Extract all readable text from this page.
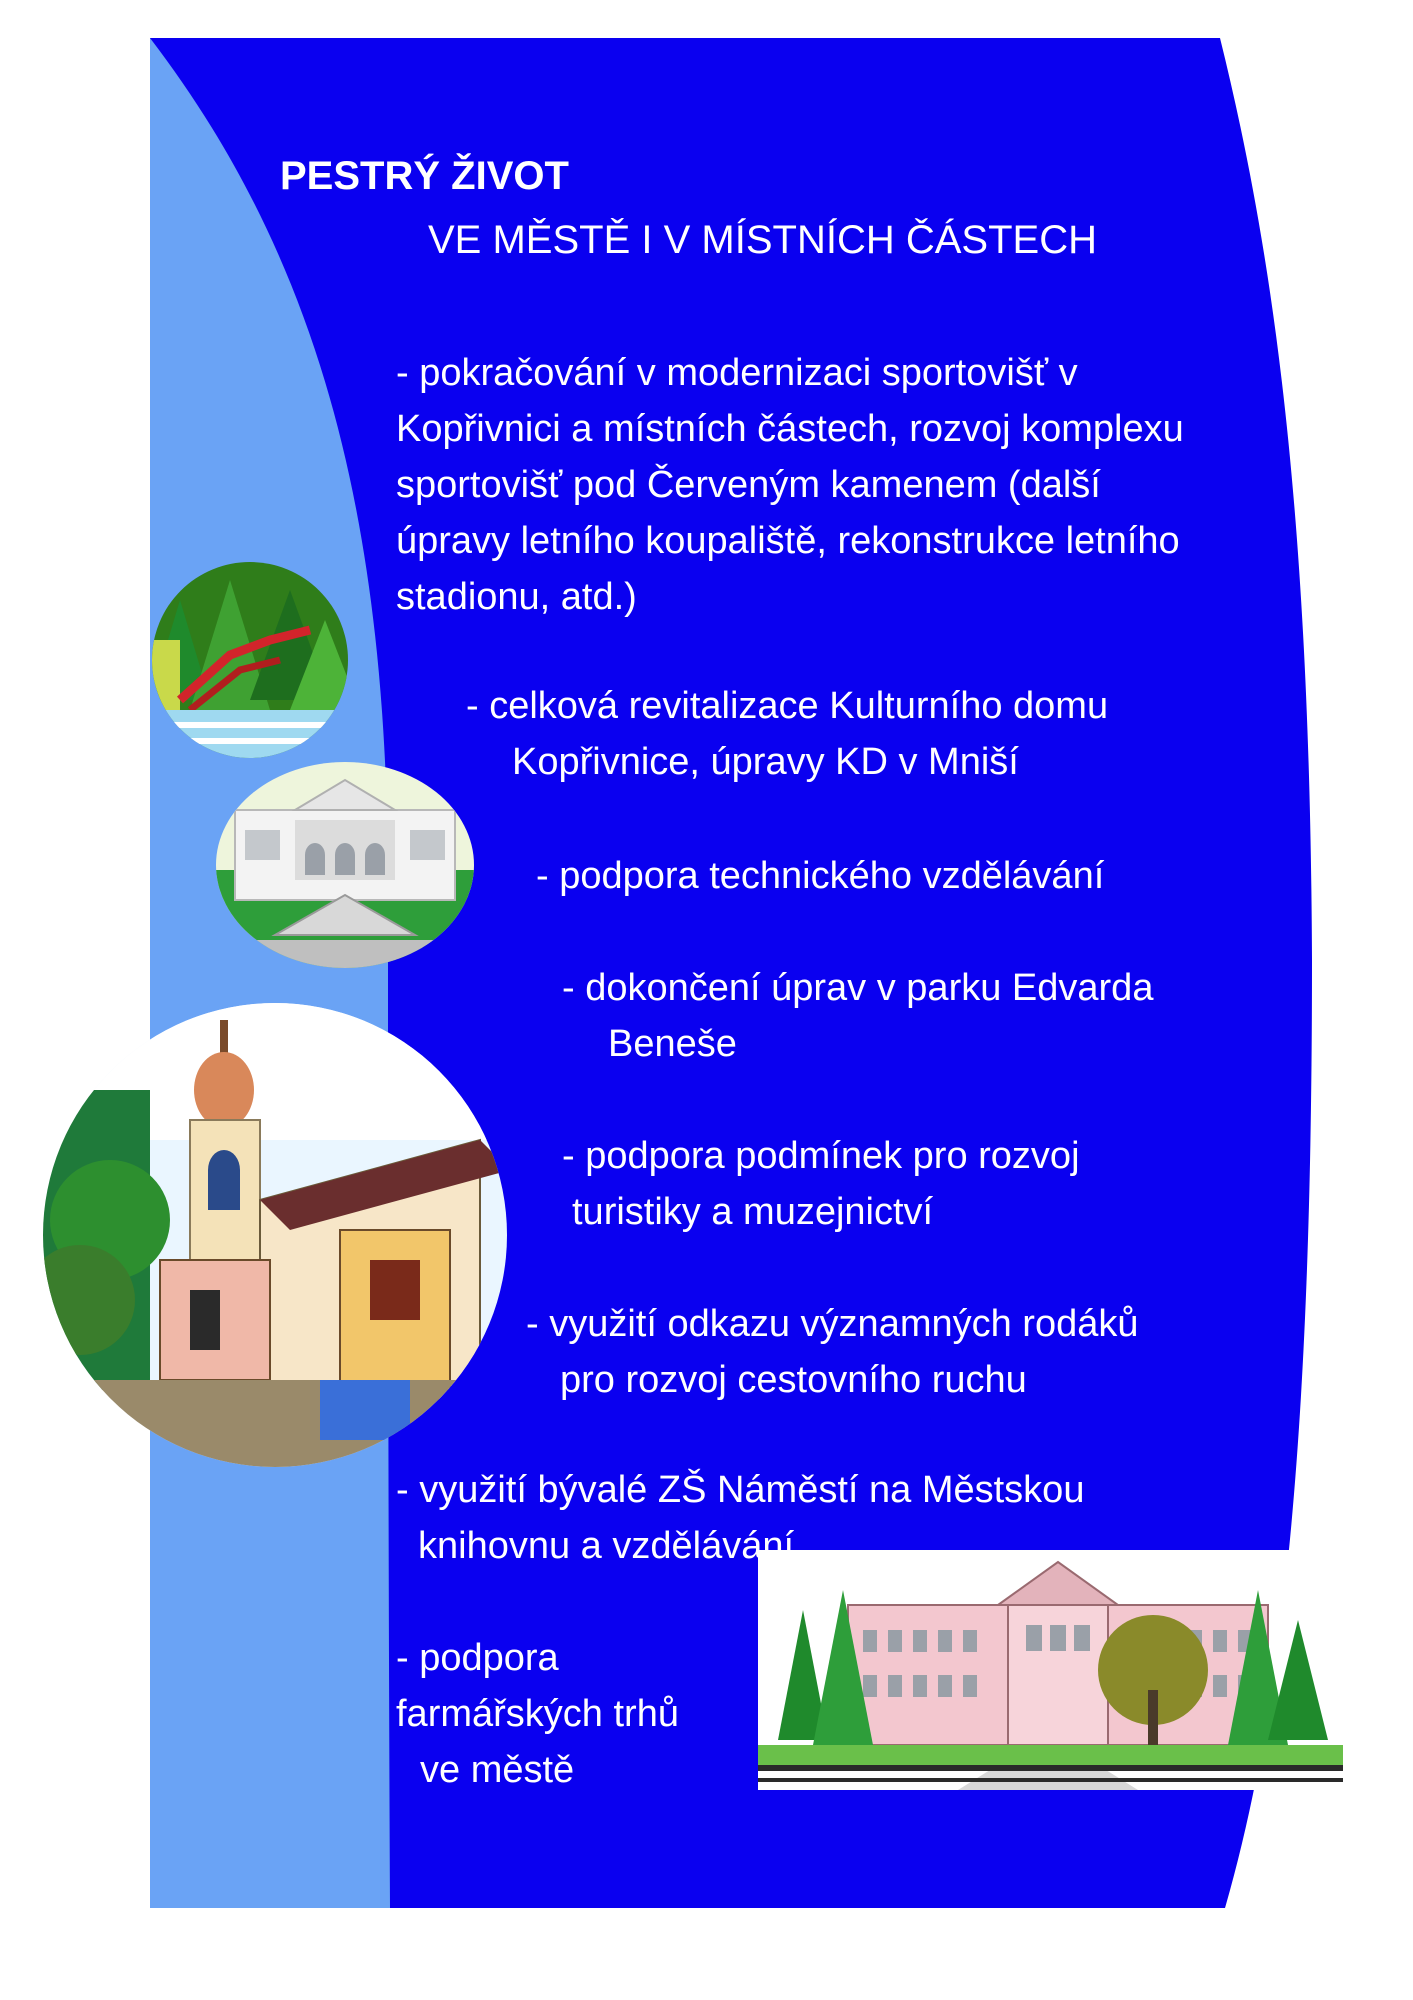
PESTRÝ ŽIVOT

VE MĚSTĚ I V MÍSTNÍCH ČÁSTECH

- pokračování v modernizaci sportovišť v
Kopřivnici a místních částech, rozvoj komplexu
sportovišť pod Červeným kamenem (další
úpravy letního koupaliště, rekonstrukce letního
stadionu, atd.)
- celková revitalizace Kulturního domu
Kopřivnice, úpravy KD v Mniší
- podpora technického vzdělávání
- dokončení úprav v parku Edvarda
Beneše
- podpora podmínek pro rozvoj
turistiky a muzejnictví
- využití odkazu významných rodáků
pro rozvoj cestovního ruchu
- využití bývalé ZŠ Náměstí na Městskou
knihovnu a vzdělávání
- podpora
farmářských trhů
ve městě
